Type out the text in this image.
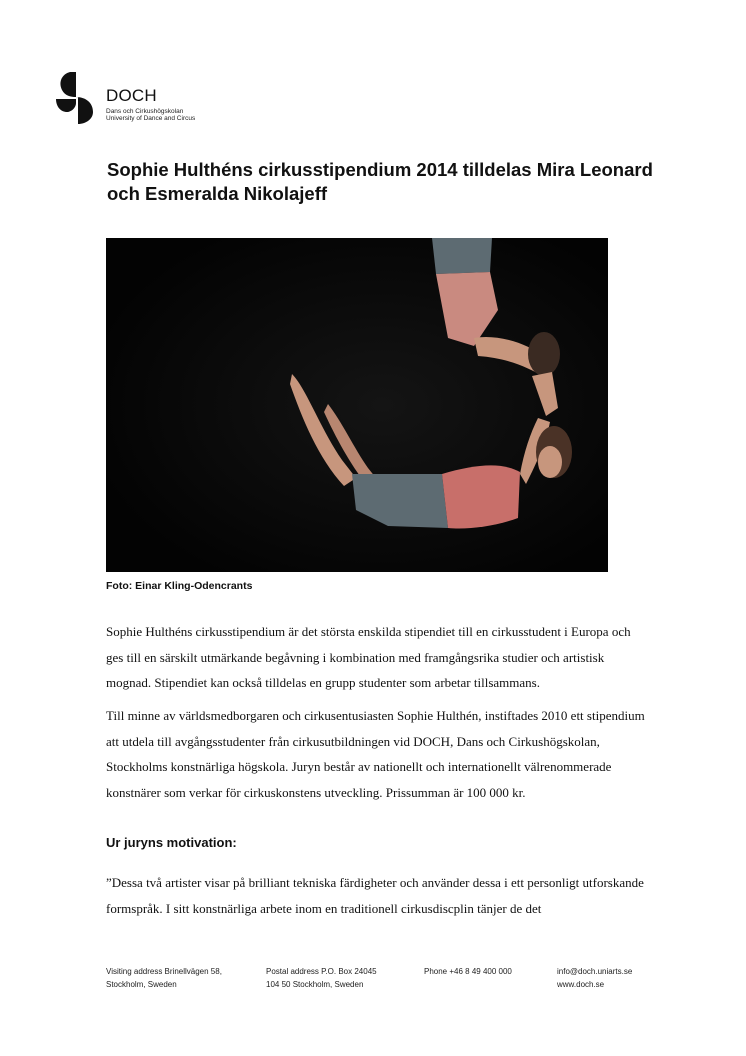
DOCH
Dans och Cirkushögskolan
University of Dance and Circus
Sophie Hulthéns cirkusstipendium 2014 tilldelas Mira Leonard och Esmeralda Nikolajeff
Foto: Einar Kling-Odencrants

Sophie Hulthéns cirkusstipendium är det största enskilda stipendiet till en cirkusstudent i Europa och ges till en särskilt utmärkande begåvning i kombination med framgångsrika studier och artistisk mognad. Stipendiet kan också tilldelas en grupp studenter som arbetar tillsammans.

Till minne av världsmedborgaren och cirkusentusiasten Sophie Hulthén, instiftades 2010 ett stipendium att utdela till avgångsstudenter från cirkusutbildningen vid DOCH, Dans och Cirkushögskolan, Stockholms konstnärliga högskola. Juryn består av nationellt och internationellt välrenommerade konstnärer som verkar för cirkuskonstens utveckling. Prissumman är 100 000 kr.

Ur juryns motivation:

”Dessa två artister visar på brilliant tekniska färdigheter och använder dessa i ett personligt utforskande formspråk. I sitt konstnärliga arbete inom en traditionell cirkusdiscplin tänjer de det

Visiting address Brinellvägen 58,
Stockholm, Sweden
Postal address P.O. Box 24045
104 50 Stockholm, Sweden
Phone +46 8 49 400 000	info@doch.uniarts.se
www.doch.se
